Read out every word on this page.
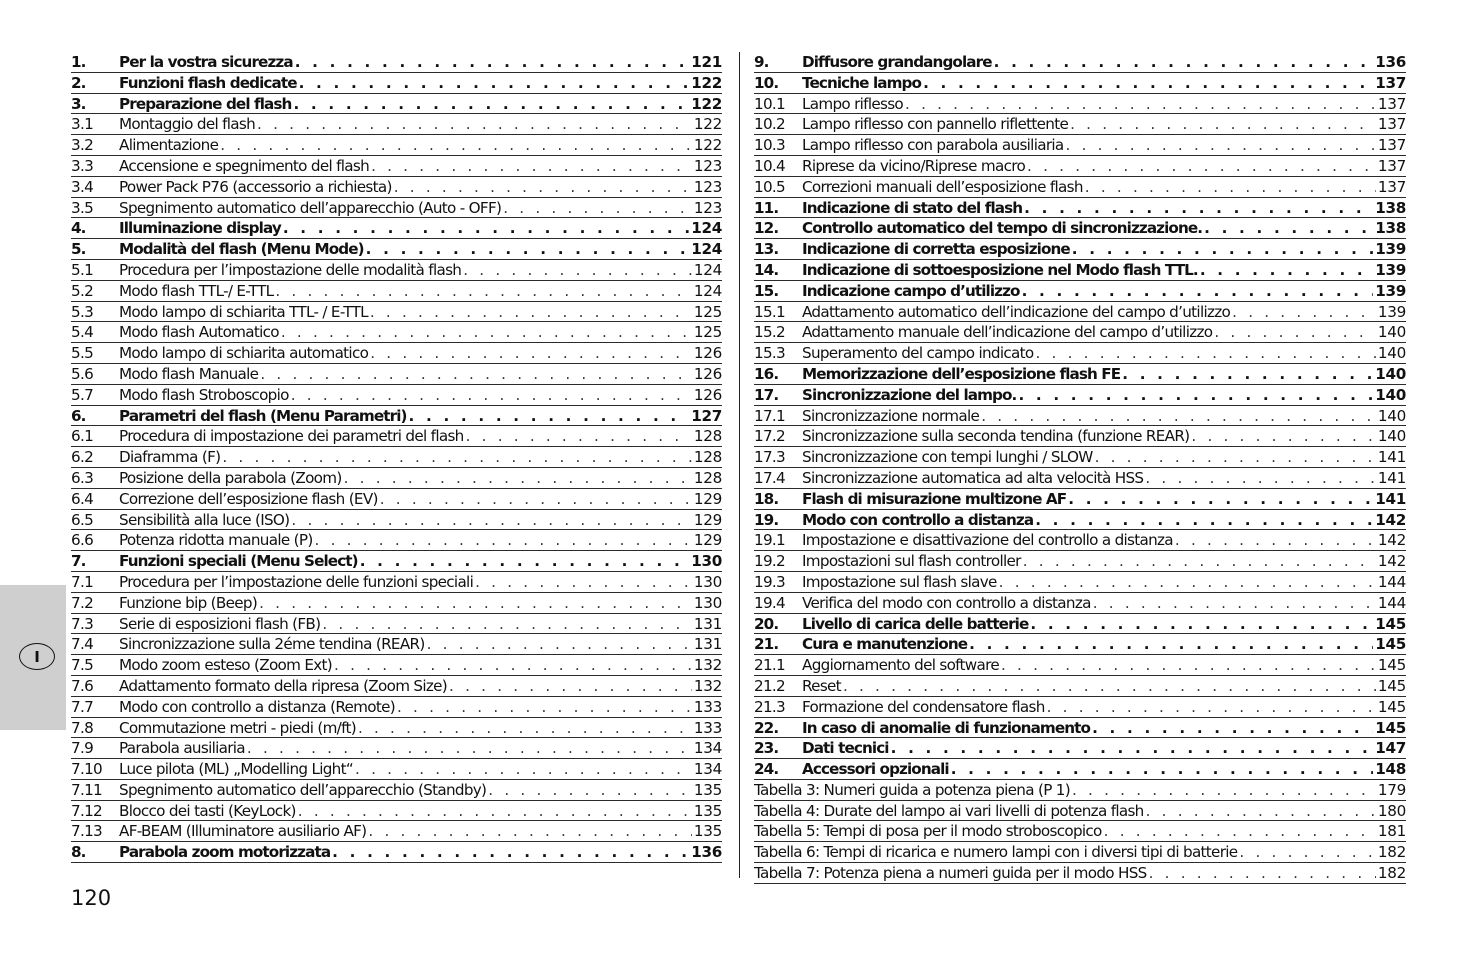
I
1.	Per la vostra sicurezza . . .	121
2.	Funzioni flash dedicate . . .	122
3.	Preparazione del flash . . .	122
3.1	Montaggio del flash . . .	122
3.2	Alimentazione . . .	122
3.3	Accensione e spegnimento del flash . . .	123
3.4	Power Pack P76 (accessorio a richiesta) . . .	123
3.5	Spegnimento automatico dell’apparecchio (Auto - OFF) . . .	123
4.	Illuminazione display . . .	124
5.	Modalità del flash (Menu Mode) . . .	124
5.1	Procedura per l’impostazione delle modalità flash . . .	124
5.2	Modo flash TTL-/ E-TTL . . .	124
5.3	Modo lampo di schiarita TTL- / E-TTL . . .	125
5.4	Modo flash Automatico . . .	125
5.5	Modo lampo di schiarita automatico . . .	126
5.6	Modo flash Manuale . . .	126
5.7	Modo flash Stroboscopio . . .	126
6.	Parametri del flash (Menu Parametri) . . .	127
6.1	Procedura di impostazione dei parametri del flash . . .	128
6.2	Diaframma (F) . . .	128
6.3	Posizione della parabola (Zoom) . . .	128
6.4	Correzione dell’esposizione flash (EV) . . .	129
6.5	Sensibilità alla luce (ISO) . . .	129
6.6	Potenza ridotta manuale (P) . . .	129
7.	Funzioni speciali (Menu Select) . . .	130
7.1	Procedura per l’impostazione delle funzioni speciali . . .	130
7.2	Funzione bip (Beep) . . .	130
7.3	Serie di esposizioni flash (FB) . . .	131
7.4	Sincronizzazione sulla 2éme tendina (REAR) . . .	131
7.5	Modo zoom esteso (Zoom Ext) . . .	132
7.6	Adattamento formato della ripresa (Zoom Size) . . .	132
7.7	Modo con controllo a distanza (Remote) . . .	133
7.8	Commutazione metri - piedi (m/ft) . . .	133
7.9	Parabola ausiliaria . . .	134
7.10	Luce pilota (ML) „Modelling Light“ . . .	134
7.11	Spegnimento automatico dell’apparecchio (Standby) . . .	135
7.12	Blocco dei tasti (KeyLock) . . .	135
7.13	AF-BEAM (Illuminatore ausiliario AF) . . .	135
8.	Parabola zoom motorizzata . . .	136
9.	Diffusore grandangolare . . .	136
10.	Tecniche lampo . . .	137
10.1	Lampo riflesso . . .	137
10.2	Lampo riflesso con pannello riflettente . . .	137
10.3	Lampo riflesso con parabola ausiliaria . . .	137
10.4	Riprese da vicino/Riprese macro . . .	137
10.5	Correzioni manuali dell’esposizione flash . . .	137
11.	Indicazione di stato del flash . . .	138
12.	Controllo automatico del tempo di sincronizzazione. . . .	138
13.	Indicazione di corretta esposizione . . .	139
14.	Indicazione di sottoesposizione nel Modo flash TTL. . . .	139
15.	Indicazione campo d’utilizzo . . .	139
15.1	Adattamento automatico dell’indicazione del campo d’utilizzo . . .	139
15.2	Adattamento manuale dell’indicazione del campo d’utilizzo . . .	140
15.3	Superamento del campo indicato . . .	140
16.	Memorizzazione dell’esposizione flash FE . . .	140
17.	Sincronizzazione del lampo. . . .	140
17.1	Sincronizzazione normale . . .	140
17.2	Sincronizzazione sulla seconda tendina (funzione REAR) . . .	140
17.3	Sincronizzazione con tempi lunghi / SLOW . . .	141
17.4	Sincronizzazione automatica ad alta velocità HSS . . .	141
18.	Flash di misurazione multizone AF . . .	141
19.	Modo con controllo a distanza . . .	142
19.1	Impostazione e disattivazione del controllo a distanza . . .	142
19.2	Impostazioni sul flash controller . . .	142
19.3	Impostazione sul flash slave . . .	144
19.4	Verifica del modo con controllo a distanza . . .	144
20.	Livello di carica delle batterie . . .	145
21.	Cura e manutenzione . . .	145
21.1	Aggiornamento del software . . .	145
21.2	Reset . . .	145
21.3	Formazione del condensatore flash . . .	145
22.	In caso di anomalie di funzionamento . . .	145
23.	Dati tecnici . . .	147
24.	Accessori opzionali . . .	148
Tabella 3: Numeri guida a potenza piena (P 1) . . .	179
Tabella 4: Durate del lampo ai vari livelli di potenza flash . . .	180
Tabella 5: Tempi di posa per il modo stroboscopico . . .	181
Tabella 6: Tempi di ricarica e numero lampi con i diversi tipi di batterie . . .	182
Tabella 7: Potenza piena a numeri guida per il modo HSS . . .	182
120
